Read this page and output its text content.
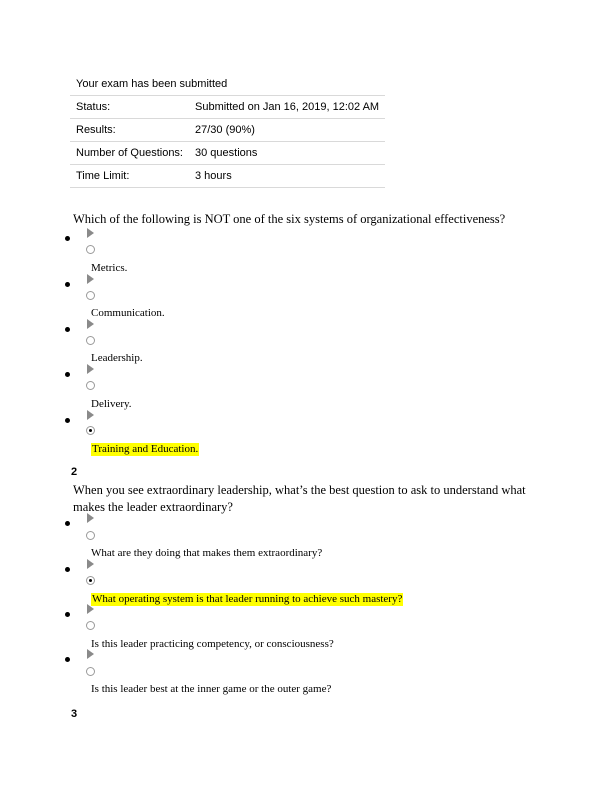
Your exam has been submitted	
Status:	Submitted on Jan 16, 2019, 12:02 AM
Results:	27/30 (90%)
Number of Questions:	30 questions
Time Limit:	3 hours
Which of the following is NOT one of the six systems of organizational effectiveness?
Metrics.
Communication.
Leadership.
Delivery.
Training and Education.
2
When you see extraordinary leadership, what’s the best question to ask to understand what makes the leader extraordinary?
What are they doing that makes them extraordinary?
What operating system is that leader running to achieve such mastery?
Is this leader practicing competency, or consciousness?
Is this leader best at the inner game or the outer game?
3
